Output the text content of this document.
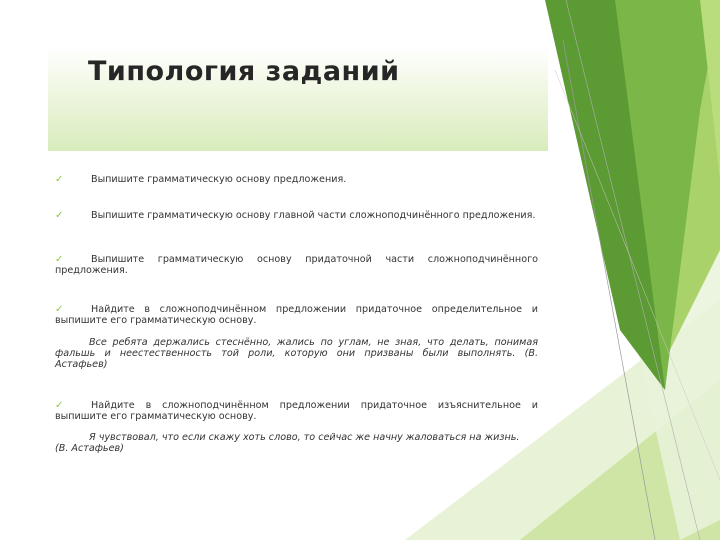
Типология заданий

✓	Выпишите грамматическую основу предложения.

✓	Выпишите грамматическую основу главной части сложноподчинённого предложения.

✓	Выпишите грамматическую основу придаточной части сложноподчинённого
предложения.

✓	Найдите в сложноподчинённом предложении придаточное определительное и
выпишите его грамматическую основу.

Все ребята держались стеснённо, жались по углам, не зная, что делать, понимая
фальшь и неестественность той роли, которую они призваны были выполнять. (В.
Астафьев)

✓	Найдите в сложноподчинённом предложении придаточное изъяснительное и
выпишите его грамматическую основу.

Я чувствовал, что если скажу хоть слово, то сейчас же начну жаловаться на жизнь.
(В. Астафьев)
